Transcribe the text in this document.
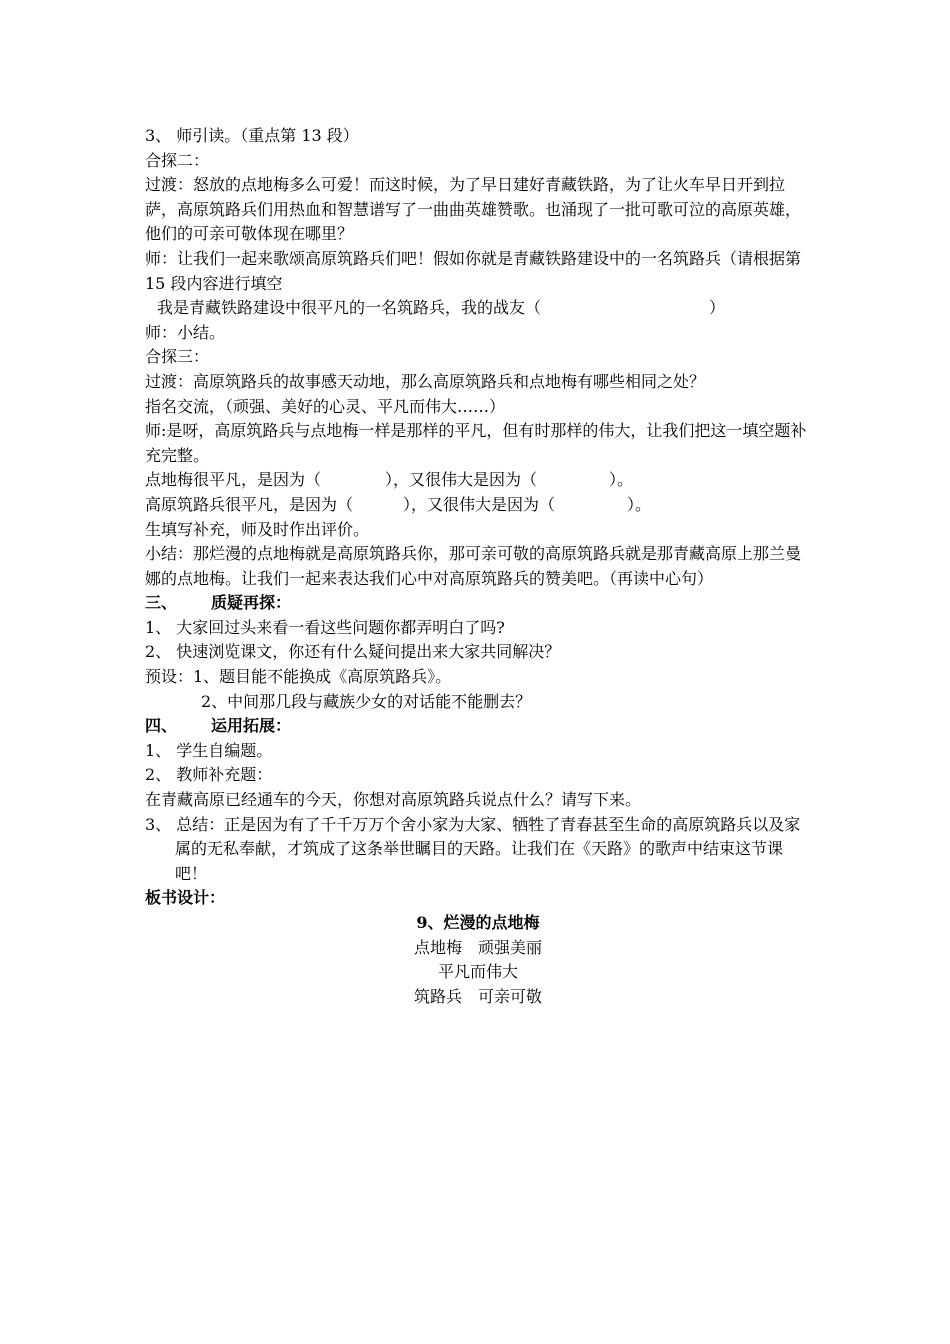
3、 师引读。（重点第 13 段）
合探二：
过渡：怒放的点地梅多么可爱！而这时候，为了早日建好青藏铁路，为了让火车早日开到拉萨，高原筑路兵们用热血和智慧谱写了一曲曲英雄赞歌。也涌现了一批可歌可泣的高原英雄，他们的可亲可敬体现在哪里？
师：让我们一起来歌颂高原筑路兵们吧！假如你就是青藏铁路建设中的一名筑路兵（请根据第 15 段内容进行填空
我是青藏铁路建设中很平凡的一名筑路兵，我的战友（	）
师：小结。
合探三：
过渡：高原筑路兵的故事感天动地，那么高原筑路兵和点地梅有哪些相同之处？
指名交流，（顽强、美好的心灵、平凡而伟大……）
师:是呀，高原筑路兵与点地梅一样是那样的平凡，但有时那样的伟大，让我们把这一填空题补充完整。
点地梅很平凡，是因为（	），又很伟大是因为（	）。
高原筑路兵很平凡，是因为（	），又很伟大是因为（	）。
生填写补充，师及时作出评价。
小结：那烂漫的点地梅就是高原筑路兵你，那可亲可敬的高原筑路兵就是那青藏高原上那兰曼娜的点地梅。让我们一起来表达我们心中对高原筑路兵的赞美吧。（再读中心句）
三、 质疑再探：
1、 大家回过头来看一看这些问题你都弄明白了吗?
2、 快速浏览课文，你还有什么疑问提出来大家共同解决？
预设：1、题目能不能换成《高原筑路兵》。
2、中间那几段与藏族少女的对话能不能删去？
四、 运用拓展：
1、 学生自编题。
2、 教师补充题：
在青藏高原已经通车的今天，你想对高原筑路兵说点什么？请写下来。
3、 总结：正是因为有了千千万万个舍小家为大家、牺牲了青春甚至生命的高原筑路兵以及家属的无私奉献，才筑成了这条举世瞩目的天路。让我们在《天路》的歌声中结束这节课吧！
板书设计：
9、烂漫的点地梅
点地梅　顽强美丽
平凡而伟大
筑路兵　可亲可敬
